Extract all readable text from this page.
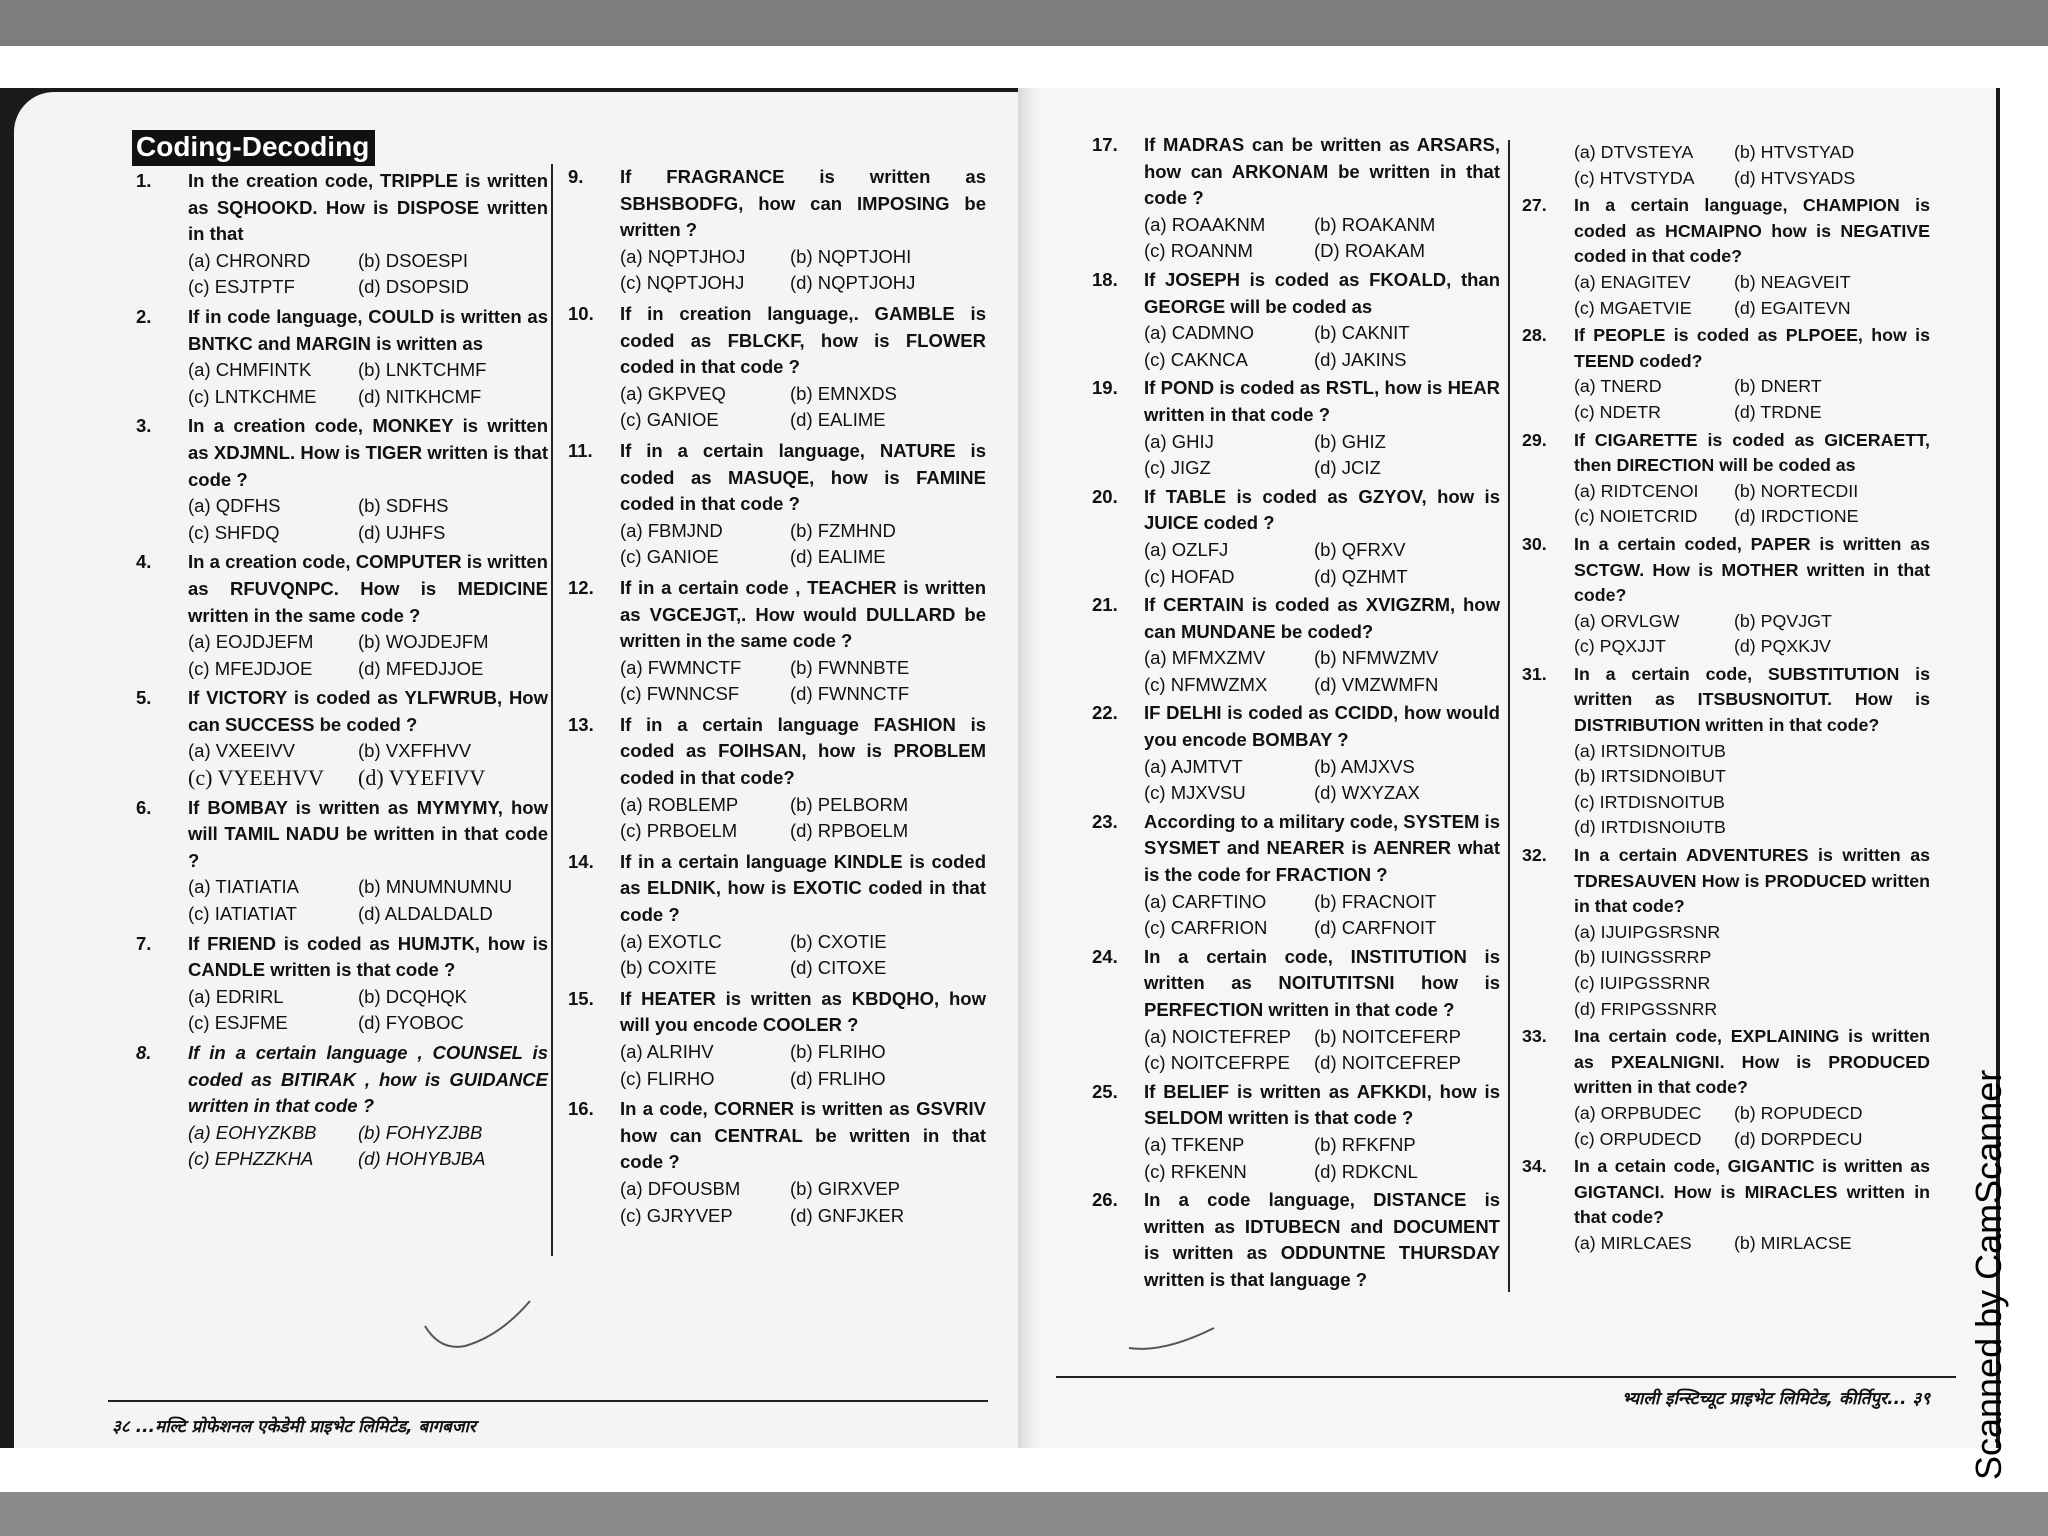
Coding-Decoding
1. In the creation code, TRIPPLE is written as SQHOOKD. How is DISPOSE written in that
(a) CHRONRD	(b) DSOESPI
(c) ESJTPTF	(d) DSOPSID
2. If in code language, COULD is written as BNTKC and MARGIN is written as
(a) CHMFINTK	(b) LNKTCHMF
(c) LNTKCHME	(d) NITKHCMF
3. In a creation code, MONKEY is written as XDJMNL. How is TIGER written is that code ?
(a) QDFHS	(b) SDFHS
(c) SHFDQ	(d) UJHFS
4. In a creation code, COMPUTER is written as RFUVQNPC. How is MEDICINE written in the same code ?
(a) EOJDJEFM	(b) WOJDEJFM
(c) MFEJDJOE	(d) MFEDJJOE
5. If VICTORY is coded as YLFWRUB, How can SUCCESS be coded ?
(a) VXEEIVV	(b) VXFFHVV
(c) VYEEHVV	(d) VYEFIVV
6. If BOMBAY is written as MYMYMY, how will TAMIL NADU be written in that code ?
(a) TIATIATIA	(b) MNUMNUMNU
(c) IATIATIAT	(d) ALDALDALD
7. If FRIEND is coded as HUMJTK, how is CANDLE written is that code ?
(a) EDRIRL	(b) DCQHQK
(c) ESJFME	(d) FYOBOC
8. If in a certain language , COUNSEL is coded as BITIRAK , how is GUIDANCE written in that code ?
(a) EOHYZKBB	(b) FOHYZJBB
(c) EPHZZKHA	(d) HOHYBJBA
9. If FRAGRANCE is written as SBHSBODFG, how can IMPOSING be written ?
(a) NQPTJHOJ	(b) NQPTJOHI
(c) NQPTJOHJ	(d) NQPTJOHJ
10. If in creation language,. GAMBLE is coded as FBLCKF, how is FLOWER coded in that code ?
(a) GKPVEQ	(b) EMNXDS
(c) GANIOE	(d) EALIME
11. If in a certain language, NATURE is coded as MASUQE, how is FAMINE coded in that code ?
(a) FBMJND	(b) FZMHND
(c) GANIOE	(d) EALIME
12. If in a certain code , TEACHER is written as VGCEJGT,. How would DULLARD be written in the same code ?
(a) FWMNCTF	(b) FWNNBTE
(c) FWNNCSF	(d) FWNNCTF
13. If in a certain language FASHION is coded as FOIHSAN, how is PROBLEM coded in that code?
(a) ROBLEMP	(b) PELBORM
(c) PRBOELM	(d) RPBOELM
14. If in a certain language KINDLE is coded as ELDNIK, how is EXOTIC coded in that code ?
(a) EXOTLC	(b) CXOTIE
(b) COXITE	(d) CITOXE
15. If HEATER is written as KBDQHO, how will you encode COOLER ?
(a) ALRIHV	(b) FLRIHO
(c) FLIRHO	(d) FRLIHO
16. In a code, CORNER is written as GSVRIV how can CENTRAL be written in that code ?
(a) DFOUSBM	(b) GIRXVEP
(c) GJRYVEP	(d) GNFJKER
17. If MADRAS can be written as ARSARS, how can ARKONAM be written in that code ?
(a) ROAAKNM	(b) ROAKANM
(c) ROANNM	(D) ROAKAM
18. If JOSEPH is coded as FKOALD, than GEORGE will be coded as
(a) CADMNO	(b) CAKNIT
(c) CAKNCA	(d) JAKINS
19. If POND is coded as RSTL, how is HEAR written in that code ?
(a) GHIJ	(b) GHIZ
(c) JIGZ	(d) JCIZ
20. If TABLE is coded as GZYOV, how is JUICE coded ?
(a) OZLFJ	(b) QFRXV
(c) HOFAD	(d) QZHMT
21. If CERTAIN is coded as XVIGZRM, how can MUNDANE be coded?
(a) MFMXZMV	(b) NFMWZMV
(c) NFMWZMX	(d) VMZWMFN
22. IF DELHI is coded as CCIDD, how would you encode BOMBAY ?
(a) AJMTVT	(b) AMJXVS
(c) MJXVSU	(d) WXYZAX
23. According to a military code, SYSTEM is SYSMET and NEARER is AENRER what is the code for FRACTION ?
(a) CARFTINO	(b) FRACNOIT
(c) CARFRION	(d) CARFNOIT
24. In a certain code, INSTITUTION is written as NOITUTITSNI how is PERFECTION written in that code ?
(a) NOICTEFREP	(b) NOITCEFERP
(c) NOITCEFRPE	(d) NOITCEFREP
25. If BELIEF is written as AFKKDI, how is SELDOM written is that code ?
(a) TFKENP	(b) RFKFNP
(c) RFKENN	(d) RDKCNL
26. In a code language, DISTANCE is written as IDTUBECN and DOCUMENT is written as ODDUNTNE THURSDAY written is that language ?
(a) DTVSTEYA	(b) HTVSTYAD
(c) HTVSTYDA	(d) HTVSYADS
27. In a certain language, CHAMPION is coded as HCMAIPNO how is NEGATIVE coded in that code?
(a) ENAGITEV	(b) NEAGVEIT
(c) MGAETVIE	(d) EGAITEVN
28. If PEOPLE is coded as PLPOEE, how is TEEND coded?
(a) TNERD	(b) DNERT
(c) NDETR	(d) TRDNE
29. If CIGARETTE is coded as GICERAETT, then DIRECTION will be coded as
(a) RIDTCENOI	(b) NORTECDII
(c) NOIETCRID	(d) IRDCTIONE
30. In a certain coded, PAPER is written as SCTGW. How is MOTHER written in that code?
(a) ORVLGW	(b) PQVJGT
(c) PQXJJT	(d) PQXKJV
31. In a certain code, SUBSTITUTION is written as ITSBUSNOITUT. How is DISTRIBUTION written in that code?
(a) IRTSIDNOITUB
(b) IRTSIDNOIBUT
(c) IRTDISNOITUB
(d) IRTDISNOIUTB
32. In a certain ADVENTURES is written as TDRESAUVEN How is PRODUCED written in that code?
(a) IJUIPGSRSNR
(b) IUINGSSRRP
(c) IUIPGSSRNR
(d) FRIPGSSNRR
33. Ina certain code, EXPLAINING is written as PXEALNIGNI. How is PRODUCED written in that code?
(a) ORPBUDEC	(b) ROPUDECD
(c) ORPUDECD	(d) DORPDECU
34. In a cetain code, GIGANTIC is written as GIGTANCI. How is MIRACLES written in that code?
(a) MIRLCAES	(b) MIRLACSE
३८ ...मल्टि प्रोफेशनल एकेडेमी प्राइभेट लिमिटेड, बागबजार
भ्याली इन्स्टिच्यूट प्राइभेट लिमिटेड, कीर्तिपुर... ३९ Scanned by CamScanner
